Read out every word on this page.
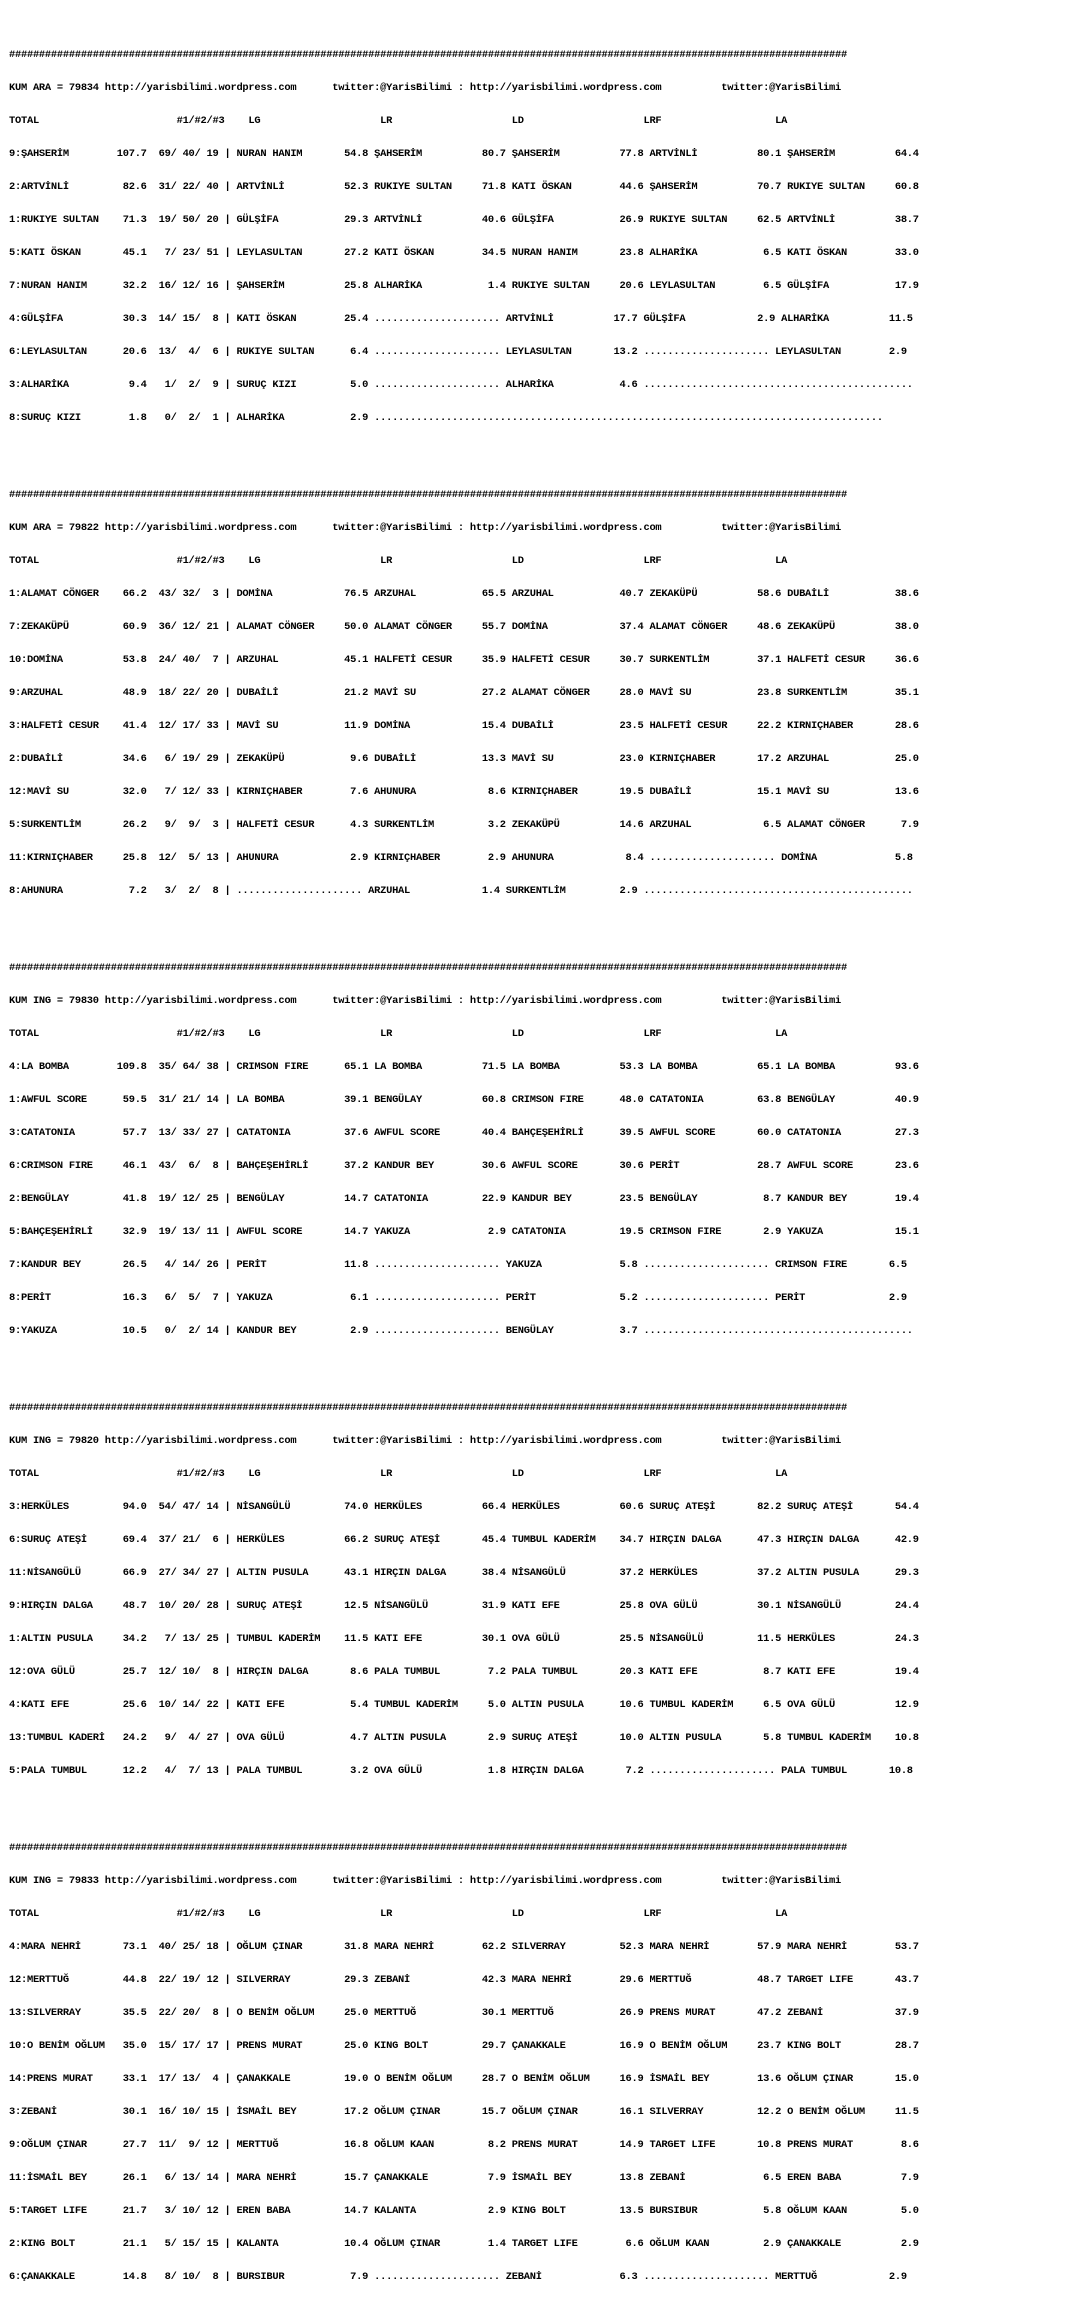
############################################################################################################################################

KUM ARA = 79834 http://yarisbilimi.wordpress.com      twitter:@YarisBilimi : http://yarisbilimi.wordpress.com          twitter:@YarisBilimi

TOTAL                       #1/#2/#3    LG                    LR                    LD                    LRF                   LA

9:ŞAHSERİM        107.7  69/ 40/ 19 | NURAN HANIM       54.8 ŞAHSERİM          80.7 ŞAHSERİM          77.8 ARTVİNLİ          80.1 ŞAHSERİM          64.4

2:ARTVİNLİ         82.6  31/ 22/ 40 | ARTVİNLİ          52.3 RUKIYE SULTAN     71.8 KATI ÖSKAN        44.6 ŞAHSERİM          70.7 RUKIYE SULTAN     60.8

1:RUKIYE SULTAN    71.3  19/ 50/ 20 | GÜLŞİFA           29.3 ARTVİNLİ          40.6 GÜLŞİFA           26.9 RUKIYE SULTAN     62.5 ARTVİNLİ          38.7

5:KATI ÖSKAN       45.1   7/ 23/ 51 | LEYLASULTAN       27.2 KATI ÖSKAN        34.5 NURAN HANIM       23.8 ALHARİKA           6.5 KATI ÖSKAN        33.0

7:NURAN HANIM      32.2  16/ 12/ 16 | ŞAHSERİM          25.8 ALHARİKA           1.4 RUKIYE SULTAN     20.6 LEYLASULTAN        6.5 GÜLŞİFA           17.9

4:GÜLŞİFA          30.3  14/ 15/  8 | KATI ÖSKAN        25.4 ..................... ARTVİNLİ          17.7 GÜLŞİFA            2.9 ALHARİKA          11.5

6:LEYLASULTAN      20.6  13/  4/  6 | RUKIYE SULTAN      6.4 ..................... LEYLASULTAN       13.2 ..................... LEYLASULTAN        2.9

3:ALHARİKA          9.4   1/  2/  9 | SURUÇ KIZI         5.0 ..................... ALHARİKA           4.6 .............................................

8:SURUÇ KIZI        1.8   0/  2/  1 | ALHARİKA           2.9 .....................................................................................

############################################################################################################################################

KUM ARA = 79822 http://yarisbilimi.wordpress.com      twitter:@YarisBilimi : http://yarisbilimi.wordpress.com          twitter:@YarisBilimi

TOTAL                       #1/#2/#3    LG                    LR                    LD                    LRF                   LA

1:ALAMAT CÖNGER    66.2  43/ 32/  3 | DOMİNA            76.5 ARZUHAL           65.5 ARZUHAL           40.7 ZEKAKÜPÜ          58.6 DUBAİLİ           38.6

7:ZEKAKÜPÜ         60.9  36/ 12/ 21 | ALAMAT CÖNGER     50.0 ALAMAT CÖNGER     55.7 DOMİNA            37.4 ALAMAT CÖNGER     48.6 ZEKAKÜPÜ          38.0

10:DOMİNA          53.8  24/ 40/  7 | ARZUHAL           45.1 HALFETİ CESUR     35.9 HALFETİ CESUR     30.7 SURKENTLİM        37.1 HALFETİ CESUR     36.6

9:ARZUHAL          48.9  18/ 22/ 20 | DUBAİLİ           21.2 MAVİ SU           27.2 ALAMAT CÖNGER     28.0 MAVİ SU           23.8 SURKENTLİM        35.1

3:HALFETİ CESUR    41.4  12/ 17/ 33 | MAVİ SU           11.9 DOMİNA            15.4 DUBAİLİ           23.5 HALFETİ CESUR     22.2 KIRNIÇHABER       28.6

2:DUBAİLİ          34.6   6/ 19/ 29 | ZEKAKÜPÜ           9.6 DUBAİLİ           13.3 MAVİ SU           23.0 KIRNIÇHABER       17.2 ARZUHAL           25.0

12:MAVİ SU         32.0   7/ 12/ 33 | KIRNIÇHABER        7.6 AHUNURA            8.6 KIRNIÇHABER       19.5 DUBAİLİ           15.1 MAVİ SU           13.6

5:SURKENTLİM       26.2   9/  9/  3 | HALFETİ CESUR      4.3 SURKENTLİM         3.2 ZEKAKÜPÜ          14.6 ARZUHAL            6.5 ALAMAT CÖNGER      7.9

11:KIRNIÇHABER     25.8  12/  5/ 13 | AHUNURA            2.9 KIRNIÇHABER        2.9 AHUNURA            8.4 ..................... DOMİNA             5.8

8:AHUNURA           7.2   3/  2/  8 | ..................... ARZUHAL            1.4 SURKENTLİM         2.9 .............................................

############################################################################################################################################

KUM ING = 79830 http://yarisbilimi.wordpress.com      twitter:@YarisBilimi : http://yarisbilimi.wordpress.com          twitter:@YarisBilimi

TOTAL                       #1/#2/#3    LG                    LR                    LD                    LRF                   LA

4:LA BOMBA        109.8  35/ 64/ 38 | CRIMSON FIRE      65.1 LA BOMBA          71.5 LA BOMBA          53.3 LA BOMBA          65.1 LA BOMBA          93.6

1:AWFUL SCORE      59.5  31/ 21/ 14 | LA BOMBA          39.1 BENGÜLAY          60.8 CRIMSON FIRE      48.0 CATATONIA         63.8 BENGÜLAY          40.9

3:CATATONIA        57.7  13/ 33/ 27 | CATATONIA         37.6 AWFUL SCORE       40.4 BAHÇEŞEHİRLİ      39.5 AWFUL SCORE       60.0 CATATONIA         27.3

6:CRIMSON FIRE     46.1  43/  6/  8 | BAHÇEŞEHİRLİ      37.2 KANDUR BEY        30.6 AWFUL SCORE       30.6 PERİT             28.7 AWFUL SCORE       23.6

2:BENGÜLAY         41.8  19/ 12/ 25 | BENGÜLAY          14.7 CATATONIA         22.9 KANDUR BEY        23.5 BENGÜLAY           8.7 KANDUR BEY        19.4

5:BAHÇEŞEHİRLİ     32.9  19/ 13/ 11 | AWFUL SCORE       14.7 YAKUZA             2.9 CATATONIA         19.5 CRIMSON FIRE       2.9 YAKUZA            15.1

7:KANDUR BEY       26.5   4/ 14/ 26 | PERİT             11.8 ..................... YAKUZA             5.8 ..................... CRIMSON FIRE       6.5

8:PERİT            16.3   6/  5/  7 | YAKUZA             6.1 ..................... PERİT              5.2 ..................... PERİT              2.9

9:YAKUZA           10.5   0/  2/ 14 | KANDUR BEY         2.9 ..................... BENGÜLAY           3.7 .............................................

############################################################################################################################################

KUM ING = 79820 http://yarisbilimi.wordpress.com      twitter:@YarisBilimi : http://yarisbilimi.wordpress.com          twitter:@YarisBilimi

TOTAL                       #1/#2/#3    LG                    LR                    LD                    LRF                   LA

3:HERKÜLES         94.0  54/ 47/ 14 | NİSANGÜLÜ         74.0 HERKÜLES          66.4 HERKÜLES          60.6 SURUÇ ATEŞİ       82.2 SURUÇ ATEŞİ       54.4

6:SURUÇ ATEŞİ      69.4  37/ 21/  6 | HERKÜLES          66.2 SURUÇ ATEŞİ       45.4 TUMBUL KADERİM    34.7 HIRÇIN DALGA      47.3 HIRÇIN DALGA      42.9

11:NİSANGÜLÜ       66.9  27/ 34/ 27 | ALTIN PUSULA      43.1 HIRÇIN DALGA      38.4 NİSANGÜLÜ         37.2 HERKÜLES          37.2 ALTIN PUSULA      29.3

9:HIRÇIN DALGA     48.7  10/ 20/ 28 | SURUÇ ATEŞİ       12.5 NİSANGÜLÜ         31.9 KATI EFE          25.8 OVA GÜLÜ          30.1 NİSANGÜLÜ         24.4

1:ALTIN PUSULA     34.2   7/ 13/ 25 | TUMBUL KADERİM    11.5 KATI EFE          30.1 OVA GÜLÜ          25.5 NİSANGÜLÜ         11.5 HERKÜLES          24.3

12:OVA GÜLÜ        25.7  12/ 10/  8 | HIRÇIN DALGA       8.6 PALA TUMBUL        7.2 PALA TUMBUL       20.3 KATI EFE           8.7 KATI EFE          19.4

4:KATI EFE         25.6  10/ 14/ 22 | KATI EFE           5.4 TUMBUL KADERİM     5.0 ALTIN PUSULA      10.6 TUMBUL KADERİM     6.5 OVA GÜLÜ          12.9

13:TUMBUL KADERİ   24.2   9/  4/ 27 | OVA GÜLÜ           4.7 ALTIN PUSULA       2.9 SURUÇ ATEŞİ       10.0 ALTIN PUSULA       5.8 TUMBUL KADERİM    10.8

5:PALA TUMBUL      12.2   4/  7/ 13 | PALA TUMBUL        3.2 OVA GÜLÜ           1.8 HIRÇIN DALGA       7.2 ..................... PALA TUMBUL       10.8

############################################################################################################################################

KUM ING = 79833 http://yarisbilimi.wordpress.com      twitter:@YarisBilimi : http://yarisbilimi.wordpress.com          twitter:@YarisBilimi

TOTAL                       #1/#2/#3    LG                    LR                    LD                    LRF                   LA

4:MARA NEHRİ       73.1  40/ 25/ 18 | OĞLUM ÇINAR       31.8 MARA NEHRİ        62.2 SILVERRAY         52.3 MARA NEHRİ        57.9 MARA NEHRİ        53.7

12:MERTTUĞ         44.8  22/ 19/ 12 | SILVERRAY         29.3 ZEBANİ            42.3 MARA NEHRİ        29.6 MERTTUĞ           48.7 TARGET LIFE       43.7

13:SILVERRAY       35.5  22/ 20/  8 | O BENİM OĞLUM     25.0 MERTTUĞ           30.1 MERTTUĞ           26.9 PRENS MURAT       47.2 ZEBANİ            37.9

10:O BENİM OĞLUM   35.0  15/ 17/ 17 | PRENS MURAT       25.0 KING BOLT         29.7 ÇANAKKALE         16.9 O BENİM OĞLUM     23.7 KING BOLT         28.7

14:PRENS MURAT     33.1  17/ 13/  4 | ÇANAKKALE         19.0 O BENİM OĞLUM     28.7 O BENİM OĞLUM     16.9 İSMAİL BEY        13.6 OĞLUM ÇINAR       15.0

3:ZEBANİ           30.1  16/ 10/ 15 | İSMAİL BEY        17.2 OĞLUM ÇINAR       15.7 OĞLUM ÇINAR       16.1 SILVERRAY         12.2 O BENİM OĞLUM     11.5

9:OĞLUM ÇINAR      27.7  11/  9/ 12 | MERTTUĞ           16.8 OĞLUM KAAN         8.2 PRENS MURAT       14.9 TARGET LIFE       10.8 PRENS MURAT        8.6

11:İSMAİL BEY      26.1   6/ 13/ 14 | MARA NEHRİ        15.7 ÇANAKKALE          7.9 İSMAİL BEY        13.8 ZEBANİ             6.5 EREN BABA          7.9

5:TARGET LIFE      21.7   3/ 10/ 12 | EREN BABA         14.7 KALANTA            2.9 KING BOLT         13.5 BURSIBUR           5.8 OĞLUM KAAN         5.0

2:KING BOLT        21.1   5/ 15/ 15 | KALANTA           10.4 OĞLUM ÇINAR        1.4 TARGET LIFE        6.6 OĞLUM KAAN         2.9 ÇANAKKALE          2.9

6:ÇANAKKALE        14.8   8/ 10/  8 | BURSIBUR           7.9 ..................... ZEBANİ             6.3 ..................... MERTTUĞ            2.9
